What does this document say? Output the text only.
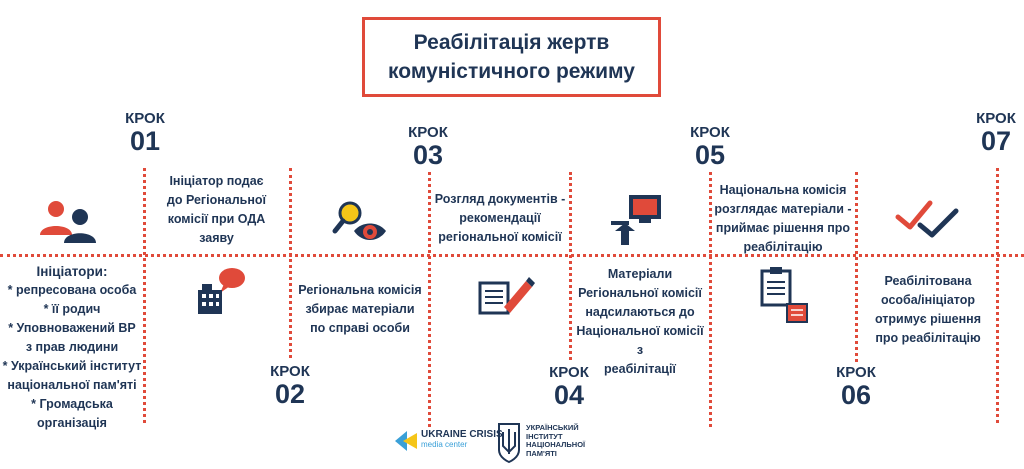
Реабілітація жертв
комуністичного режиму
КРОК
01
КРОК
02
КРОК
03
КРОК
04
КРОК
05
КРОК
06
КРОК
07
Ініціатори:
* репресована особа
* її родич
* Уповноважений ВР
з прав людини
* Український інститут
національної пам'яті
* Громадська
організація
Ініціатор подає
до Регіональної
комісії при ОДА
заяву
Регіональна комісія
збирає матеріали
по справі особи
Розгляд документів -
рекомендації
регіональної комісії
Матеріали
Регіональної комісії
надсилаються до
Національної комісії з
реабілітації
Національна комісія
розглядає матеріали -
приймає рішення про
реабілітацію
Реабілітована
особа/ініціатор
отримує рішення
про реабілітацію
UKRAINE CRISIS
media center
УКРАЇНСЬКИЙ
ІНСТИТУТ
НАЦІОНАЛЬНОЇ
ПАМ'ЯТІ
